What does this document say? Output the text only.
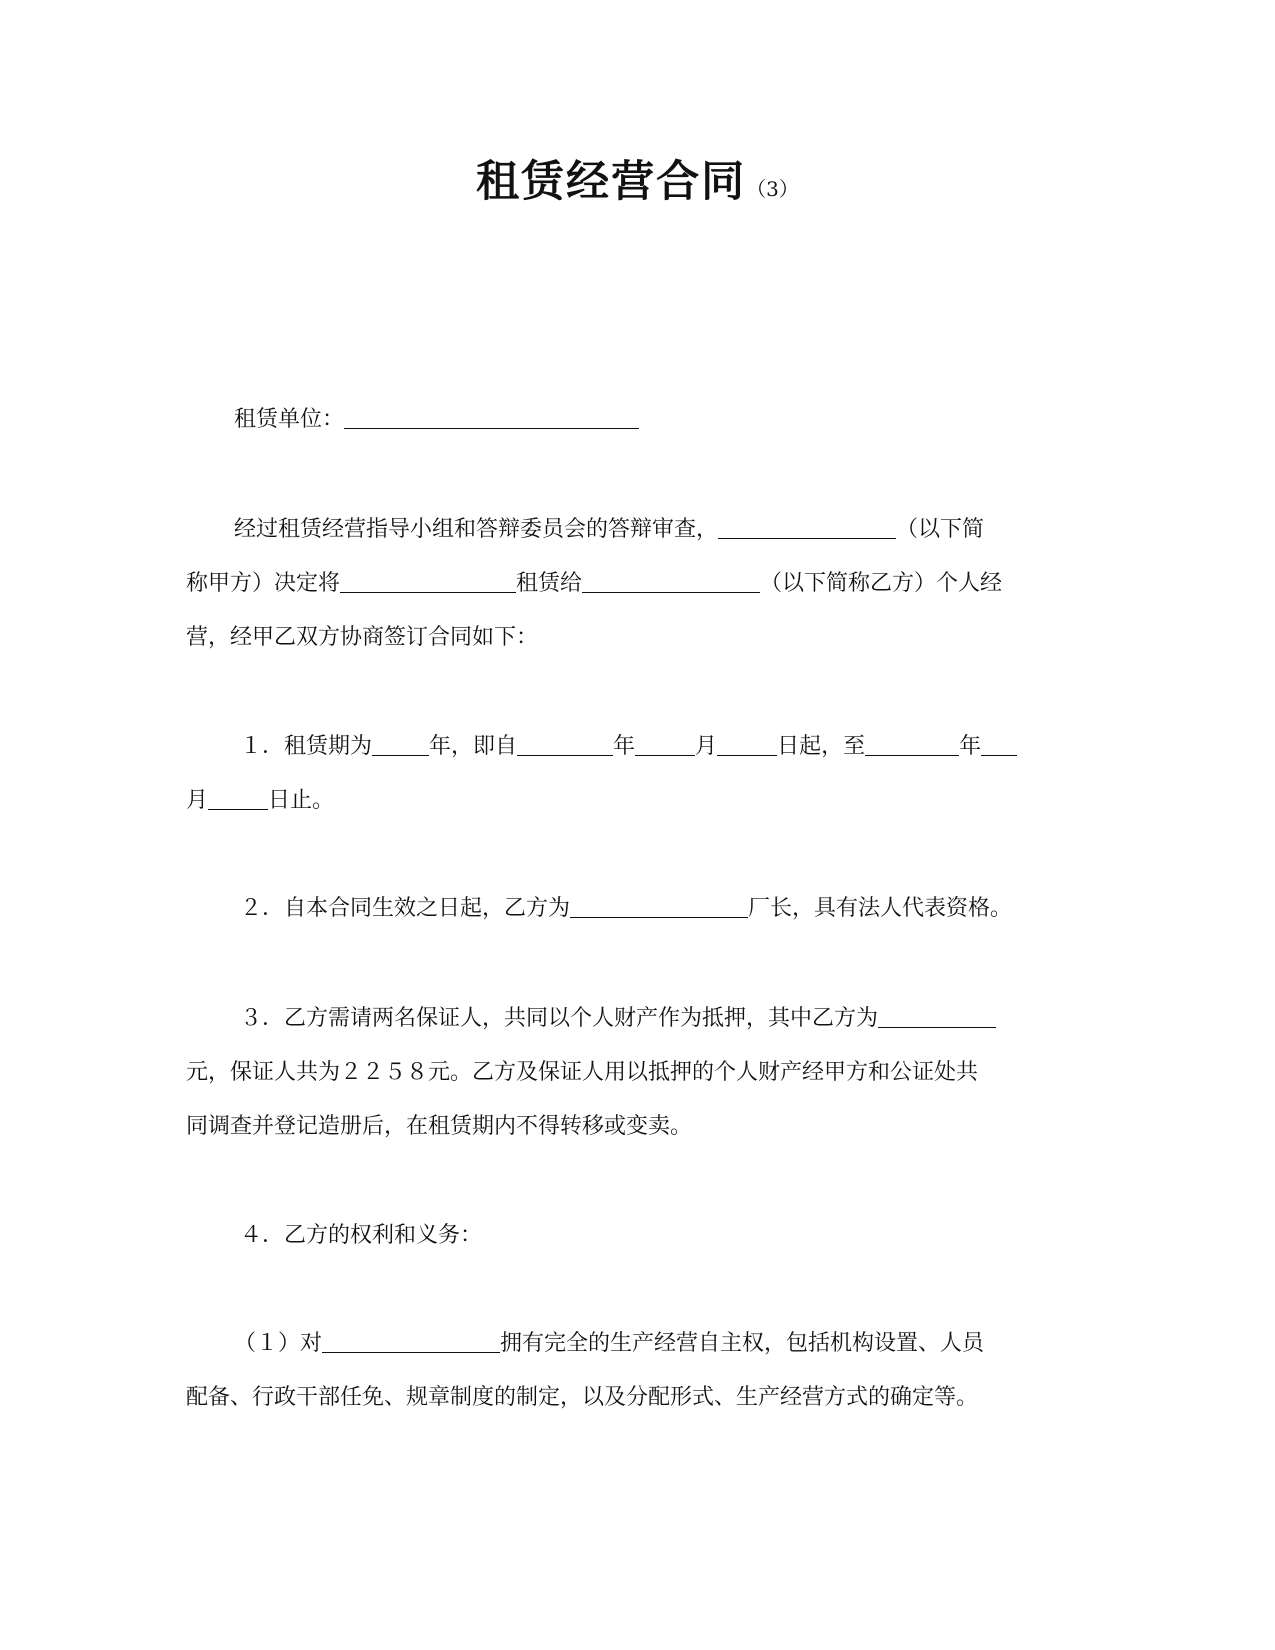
租赁经营合同（3）
租赁单位：
经过租赁经营指导小组和答辩委员会的答辩审查，	（以下简
称甲方）决定将	租赁给	（以下简称乙方）个人经
营，经甲乙双方协商签订合同如下：
１．租赁期为	年，即自	年	月	日起，至	年
月	日止。
２．自本合同生效之日起，乙方为	厂长，具有法人代表资格。
３．乙方需请两名保证人，共同以个人财产作为抵押，其中乙方为
元，保证人共为２２５８元。乙方及保证人用以抵押的个人财产经甲方和公证处共
同调查并登记造册后，在租赁期内不得转移或变卖。
４．乙方的权利和义务：
（１）对	拥有完全的生产经营自主权，包括机构设置、人员
配备、行政干部任免、规章制度的制定，以及分配形式、生产经营方式的确定等。
